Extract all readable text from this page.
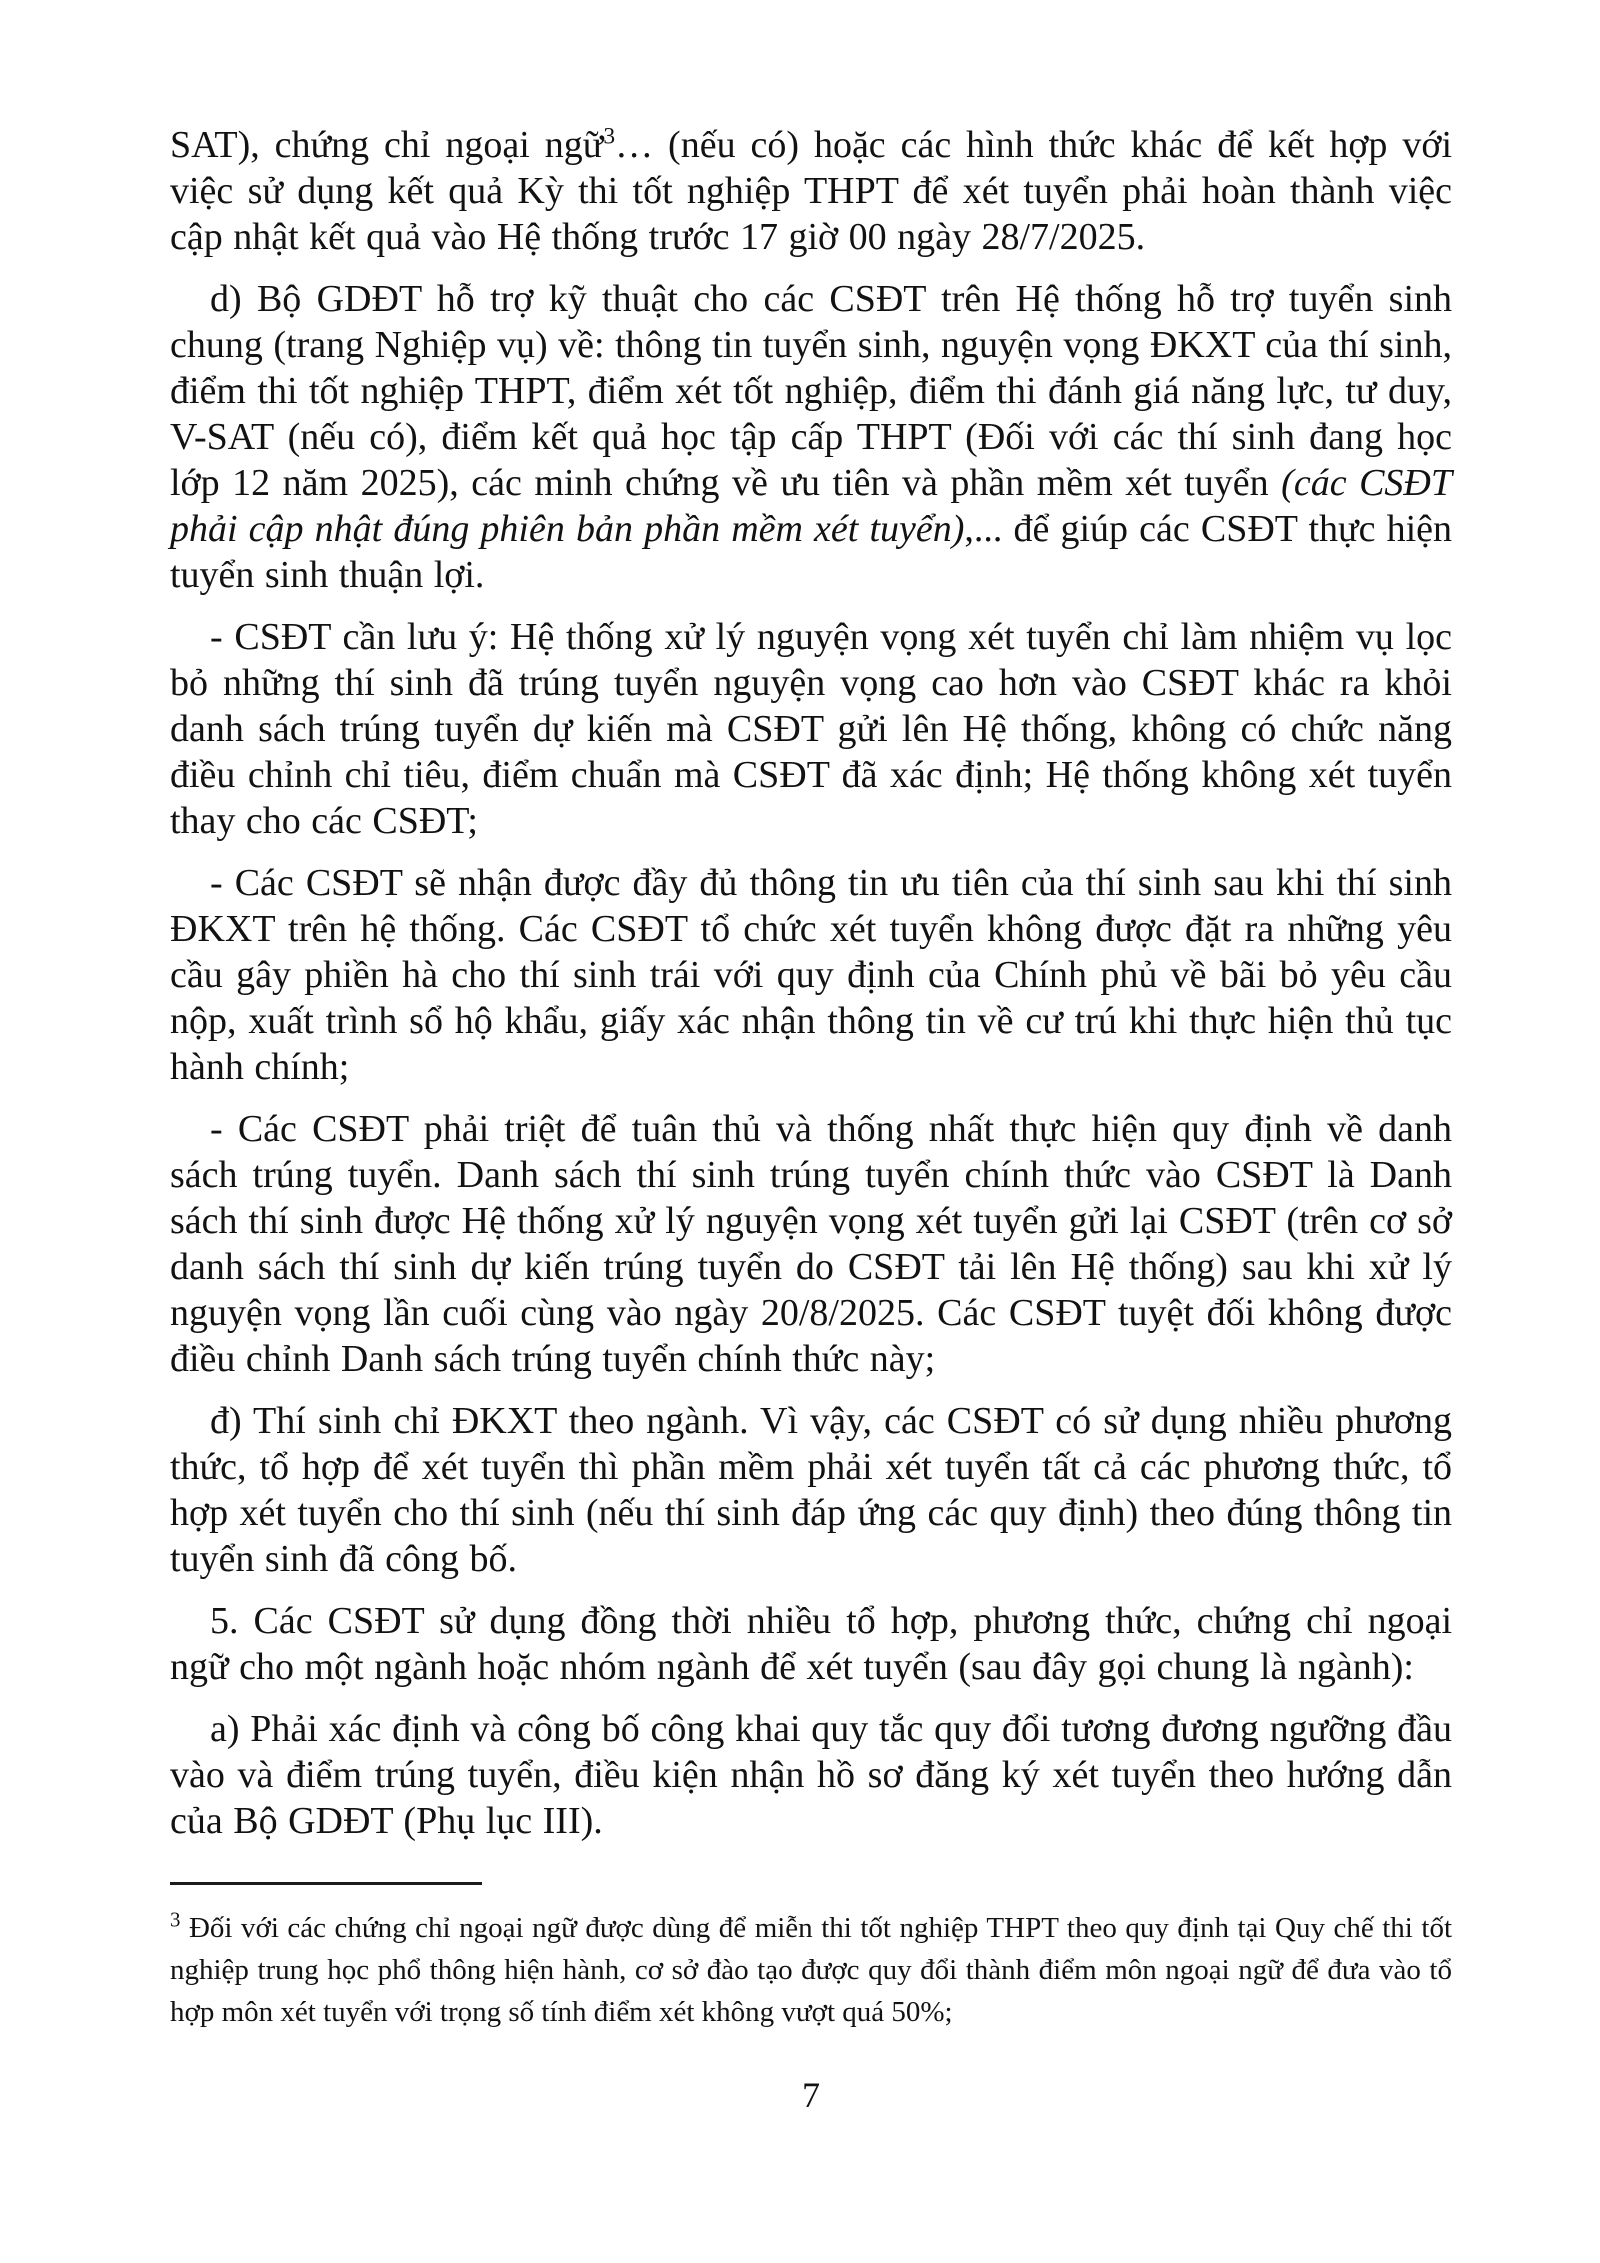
SAT), chứng chỉ ngoại ngữ$^3$… (nếu có) hoặc các hình thức khác để kết hợp với việc sử dụng kết quả Kỳ thi tốt nghiệp THPT để xét tuyển phải hoàn thành việc cập nhật kết quả vào Hệ thống trước 17 giờ 00 ngày 28/7/2025.

d) Bộ GDĐT hỗ trợ kỹ thuật cho các CSĐT trên Hệ thống hỗ trợ tuyển sinh chung (trang Nghiệp vụ) về: thông tin tuyển sinh, nguyện vọng ĐKXT của thí sinh, điểm thi tốt nghiệp THPT, điểm xét tốt nghiệp, điểm thi đánh giá năng lực, tư duy, V-SAT (nếu có), điểm kết quả học tập cấp THPT (Đối với các thí sinh đang học lớp 12 năm 2025), các minh chứng về ưu tiên và phần mềm xét tuyển (các CSĐT phải cập nhật đúng phiên bản phần mềm xét tuyển),... để giúp các CSĐT thực hiện tuyển sinh thuận lợi.

- CSĐT cần lưu ý: Hệ thống xử lý nguyện vọng xét tuyển chỉ làm nhiệm vụ lọc bỏ những thí sinh đã trúng tuyển nguyện vọng cao hơn vào CSĐT khác ra khỏi danh sách trúng tuyển dự kiến mà CSĐT gửi lên Hệ thống, không có chức năng điều chỉnh chỉ tiêu, điểm chuẩn mà CSĐT đã xác định; Hệ thống không xét tuyển thay cho các CSĐT;

- Các CSĐT sẽ nhận được đầy đủ thông tin ưu tiên của thí sinh sau khi thí sinh ĐKXT trên hệ thống. Các CSĐT tổ chức xét tuyển không được đặt ra những yêu cầu gây phiền hà cho thí sinh trái với quy định của Chính phủ về bãi bỏ yêu cầu nộp, xuất trình sổ hộ khẩu, giấy xác nhận thông tin về cư trú khi thực hiện thủ tục hành chính;

- Các CSĐT phải triệt để tuân thủ và thống nhất thực hiện quy định về danh sách trúng tuyển. Danh sách thí sinh trúng tuyển chính thức vào CSĐT là Danh sách thí sinh được Hệ thống xử lý nguyện vọng xét tuyển gửi lại CSĐT (trên cơ sở danh sách thí sinh dự kiến trúng tuyển do CSĐT tải lên Hệ thống) sau khi xử lý nguyện vọng lần cuối cùng vào ngày 20/8/2025. Các CSĐT tuyệt đối không được điều chỉnh Danh sách trúng tuyển chính thức này;

đ) Thí sinh chỉ ĐKXT theo ngành. Vì vậy, các CSĐT có sử dụng nhiều phương thức, tổ hợp để xét tuyển thì phần mềm phải xét tuyển tất cả các phương thức, tổ hợp xét tuyển cho thí sinh (nếu thí sinh đáp ứng các quy định) theo đúng thông tin tuyển sinh đã công bố.

5. Các CSĐT sử dụng đồng thời nhiều tổ hợp, phương thức, chứng chỉ ngoại ngữ cho một ngành hoặc nhóm ngành để xét tuyển (sau đây gọi chung là ngành):

a) Phải xác định và công bố công khai quy tắc quy đổi tương đương ngưỡng đầu vào và điểm trúng tuyển, điều kiện nhận hồ sơ đăng ký xét tuyển theo hướng dẫn của Bộ GDĐT (Phụ lục III).

$^3$ Đối với các chứng chỉ ngoại ngữ được dùng để miễn thi tốt nghiệp THPT theo quy định tại Quy chế thi tốt nghiệp trung học phổ thông hiện hành, cơ sở đào tạo được quy đổi thành điểm môn ngoại ngữ để đưa vào tổ hợp môn xét tuyển với trọng số tính điểm xét không vượt quá 50%;
7
